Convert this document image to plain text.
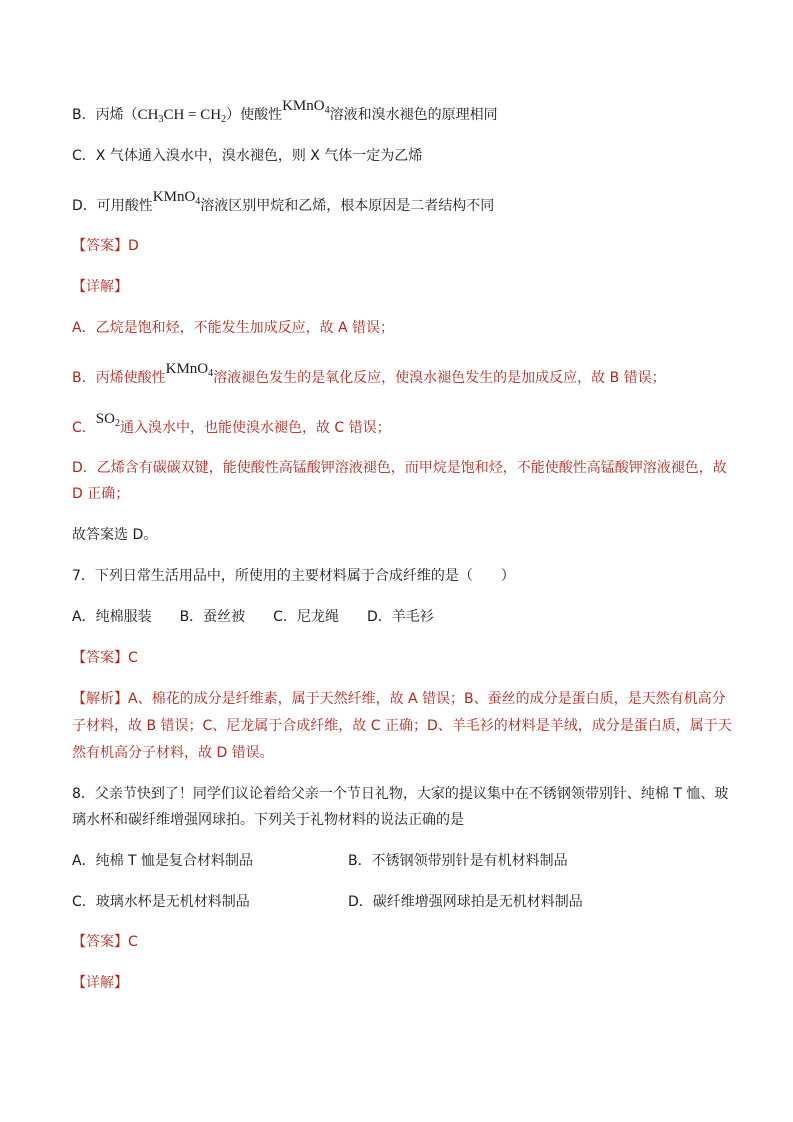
B．丙烯$(CH_3CH = CH_2)$使酸性KMnO$_4$溶液和溴水褪色的原理相同
C．X 气体通入溴水中，溴水褪色，则 X 气体一定为乙烯
D．可用酸性KMnO$_4$溶液区别甲烷和乙烯，根本原因是二者结构不同
【答案】D
【详解】
A．乙烷是饱和烃，不能发生加成反应，故 A 错误；
B．丙烯使酸性KMnO$_4$溶液褪色发生的是氧化反应，使溴水褪色发生的是加成反应，故 B 错误；
C．$SO_2$通入溴水中，也能使溴水褪色，故 C 错误；
D．乙烯含有碳碳双键，能使酸性高锰酸钾溶液褪色，而甲烷是饱和烃，不能使酸性高锰酸钾溶液褪色，故
D 正确；
故答案选 D。
7．下列日常生活用品中，所使用的主要材料属于合成纤维的是（　　）
A．纯棉服装　　B．蚕丝被　　C．尼龙绳　　D．羊毛衫
【答案】C
【解析】A、棉花的成分是纤维素，属于天然纤维，故 A 错误；B、蚕丝的成分是蛋白质，是天然有机高分
子材料，故 B 错误；C、尼龙属于合成纤维，故 C 正确；D、羊毛衫的材料是羊绒，成分是蛋白质，属于天
然有机高分子材料，故 D 错误。
8．父亲节快到了！同学们议论着给父亲一个节日礼物，大家的提议集中在不锈钢领带别针、纯棉 T 恤、玻
璃水杯和碳纤维增强网球拍。下列关于礼物材料的说法正确的是
A．纯棉 T 恤是复合材料制品	B．不锈钢领带别针是有机材料制品
C．玻璃水杯是无机材料制品	D．碳纤维增强网球拍是无机材料制品
【答案】C
【详解】
